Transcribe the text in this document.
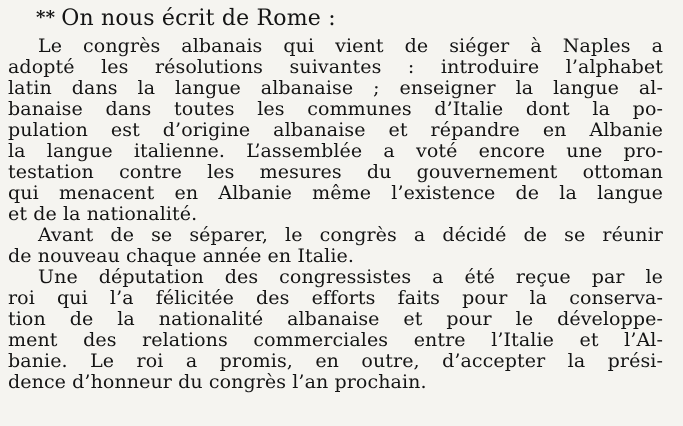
** On nous écrit de Rome :
Le congrès albanais qui vient de siéger à Naples a
adopté les résolutions suivantes : introduire l’alphabet
latin dans la langue albanaise ; enseigner la langue al-
banaise dans toutes les communes d’Italie dont la po-
pulation est d’origine albanaise et répandre en Albanie
la langue italienne. L’assemblée a voté encore une pro-
testation contre les mesures du gouvernement ottoman
qui menacent en Albanie même l’existence de la langue
et de la nationalité.
Avant de se séparer, le congrès a décidé de se réunir
de nouveau chaque année en Italie.
Une députation des congressistes a été reçue par le
roi qui l’a félicitée des efforts faits pour la conserva-
tion de la nationalité albanaise et pour le développe-
ment des relations commerciales entre l’Italie et l’Al-
banie. Le roi a promis, en outre, d’accepter la prési-
dence d’honneur du congrès l’an prochain.
